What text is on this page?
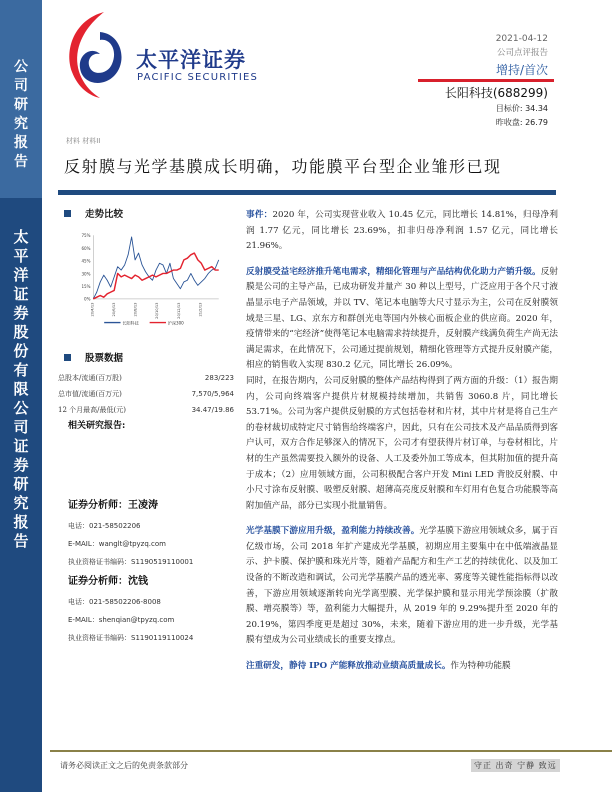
公
司
研
究
报
告
太
平
洋
证
券
股
份
有
限
公
司
证
券
研
究
报
告
太平洋证券
PACIFIC SECURITIES
2021-04-12
公司点评报告
增持/首次
长阳科技(688299)
目标价: 34.34
昨收盘: 26.79
材料 材料II
反射膜与光学基膜成长明确，功能膜平台型企业雏形已现
走势比较
0%
15%
30%
45%
60%
75%
20/4/13	20/6/13	20/8/13	20/10/13	20/12/13	21/2/13
长阳科技	沪深300
股票数据
总股本/流通(百万股)	283/223
总市值/流通(百万元)	7,570/5,964
12 个月最高/最低(元)	34.47/19.86
相关研究报告:
证券分析师：王凌涛
电话：021-58502206
E-MAIL：wanglt@tpyzq.com
执业资格证书编码：S1190519110001
证券分析师：沈钱
电话：021-58502206-8008
E-MAIL：shenqian@tpyzq.com
执业资格证书编码：S1190119110024

事件：2020 年，公司实现营业收入 10.45 亿元，同比增长 14.81%，归母净利润 1.77 亿元，同比增长 23.69%，扣非归母净利润 1.57 亿元，同比增长 21.96%。

反射膜受益宅经济推升笔电需求，精细化管理与产品结构优化助力产销升级。反射膜是公司的主导产品，已成功研发并量产 30 种以上型号，广泛应用于各个尺寸液晶显示电子产品领域，并以 TV、笔记本电脑等大尺寸显示为主，公司在反射膜领域是三星、LG、京东方和群创光电等国内外核心面板企业的供应商。2020 年，疫情带来的“宅经济”使得笔记本电脑需求持续提升，反射膜产线满负荷生产尚无法满足需求，在此情况下，公司通过提前规划，精细化管理等方式提升反射膜产能，相应的销售收入实现 830.2 亿元，同比增长 26.09%。

同时，在报告期内，公司反射膜的整体产品结构得到了两方面的升级：（1）报告期内，公司向终端客户提供片材规模持续增加，共销售 3060.8 片，同比增长 53.71%。公司为客户提供反射膜的方式包括卷材和片材，其中片材是将自己生产的卷材裁切成特定尺寸销售给终端客户，因此，只有在公司技术及产品品质得到客户认可，双方合作足够深入的情况下，公司才有望获得片材订单，与卷材相比，片材的生产虽然需要投入额外的设备、人工及委外加工等成本，但其附加值的提升高于成本；（2）应用领域方面，公司积极配合客户开发 Mini LED 背胶反射膜、中小尺寸涂布反射膜、吸塑反射膜、超薄高亮度反射膜和车灯用有色复合功能膜等高附加值产品，部分已实现小批量销售。

光学基膜下游应用升级，盈利能力持续改善。光学基膜下游应用领域众多，属于百亿级市场，公司 2018 年扩产建成光学基膜，初期应用主要集中在中低端液晶显示、护卡膜、保护膜和珠光片等，随着产品配方和生产工艺的持续优化、以及加工设备的不断改造和调试，公司光学基膜产品的透光率、雾度等关键性能指标得以改善，下游应用领域逐渐转向光学离型膜、光学保护膜和显示用光学预涂膜（扩散膜、增亮膜等）等，盈利能力大幅提升，从 2019 年的 9.29%提升至 2020 年的 20.19%，第四季度更是超过 30%，未来，随着下游应用的进一步升级，光学基膜有望成为公司业绩成长的重要支撑点。

注重研发，静待 IPO 产能释放推动业绩高质量成长。作为特种功能膜

请务必阅读正文之后的免责条款部分	守正 出奇 宁静 致远
